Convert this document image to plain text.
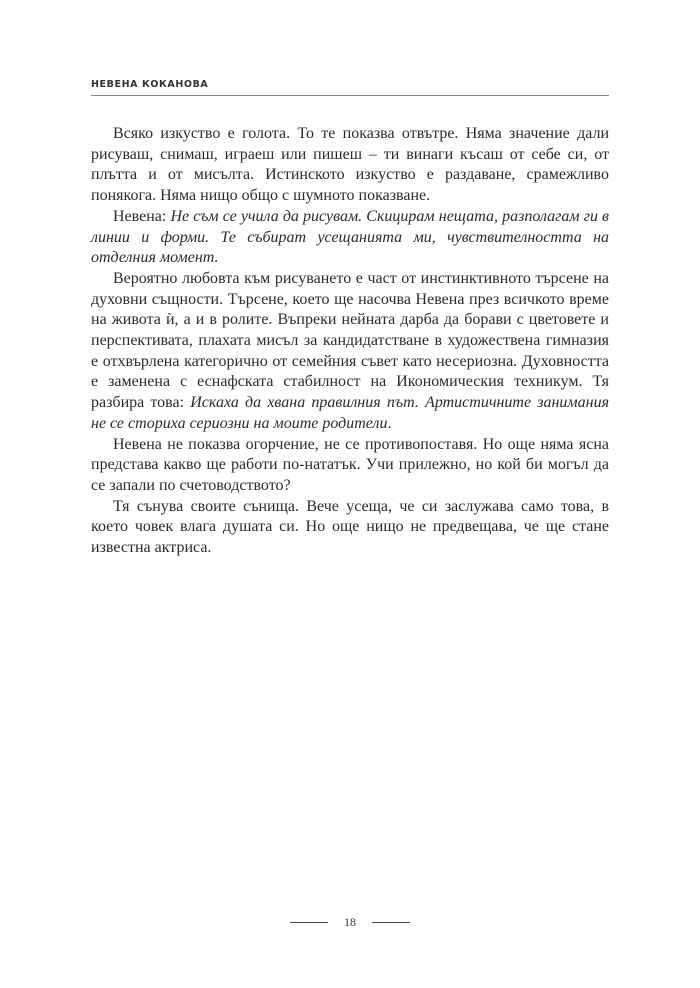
НЕВЕНА КОКАНОВА

Всяко изкуство е голота. То те показва отвътре. Няма значение дали рисуваш, снимаш, играеш или пишеш – ти винаги късаш от себе си, от плътта и от мисълта. Истинското изкуство е раздаване, срамежливо понякога. Няма нищо общо с шумното показване.

Невена: Не съм се учила да рисувам. Скицирам нещата, разполагам ги в линии и форми. Те събират усещанията ми, чувствителността на отделния момент.

Вероятно любовта към рисуването е част от инстинктивното търсене на духовни същности. Търсене, което ще насочва Невена през всичкото време на живота ѝ, а и в ролите. Въпреки нейната дарба да борави с цветовете и перспективата, плахата мисъл за кандидатстване в художествена гимназия е отхвърлена категорично от семейния съвет като несериозна. Духовността е заменена с еснафската стабилност на Икономическия техникум. Тя разбира това: Искаха да хвана правилния път. Артистичните занимания не се сториха сериозни на моите родители.

Невена не показва огорчение, не се противопоставя. Но още няма ясна представа какво ще работи по-нататък. Учи прилежно, но кой би могъл да се запали по счетоводството?

Тя сънува своите сънища. Вече усеща, че си заслужава само това, в което човек влага душата си. Но още нищо не предвещава, че ще стане известна актриса.

18
